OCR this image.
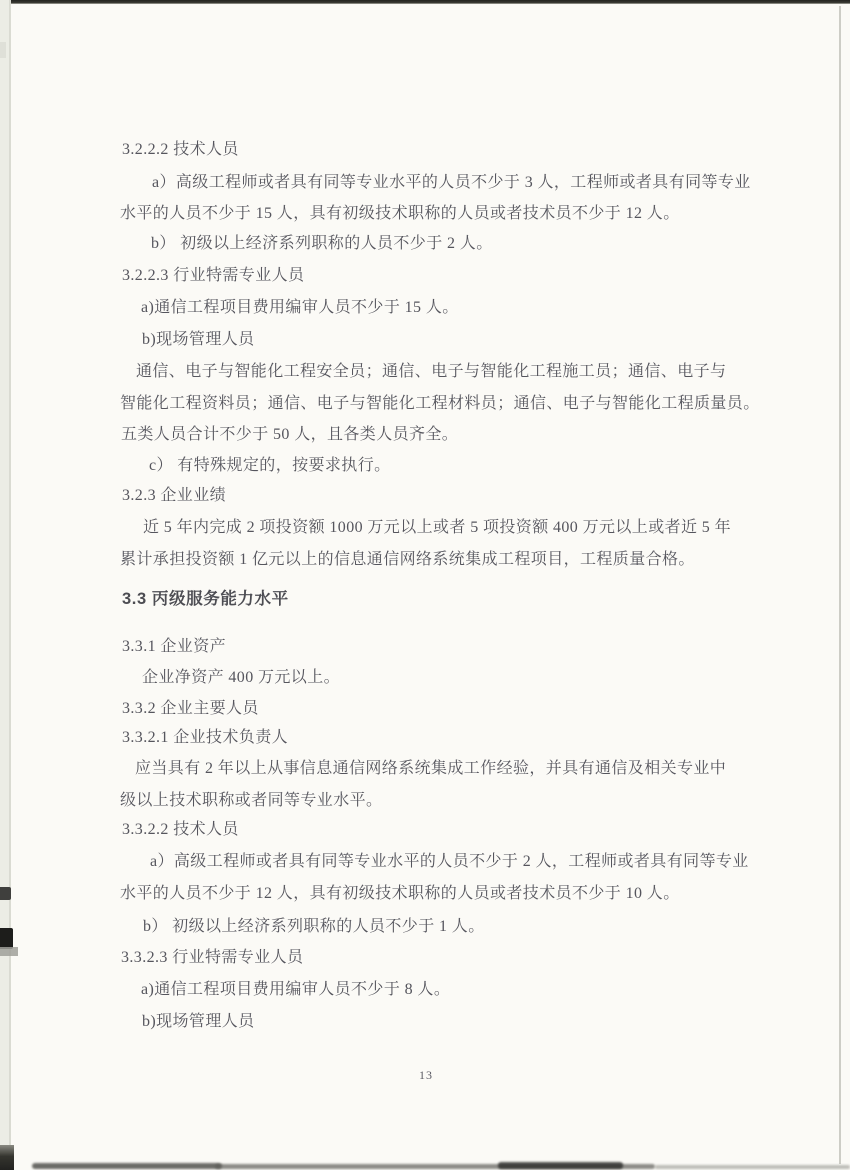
3.2.2.2 技术人员
a）高级工程师或者具有同等专业水平的人员不少于 3 人，工程师或者具有同等专业
水平的人员不少于 15 人，具有初级技术职称的人员或者技术员不少于 12 人。
b） 初级以上经济系列职称的人员不少于 2 人。
3.2.2.3 行业特需专业人员
a)通信工程项目费用编审人员不少于 15 人。
b)现场管理人员
通信、电子与智能化工程安全员；通信、电子与智能化工程施工员；通信、电子与
智能化工程资料员；通信、电子与智能化工程材料员；通信、电子与智能化工程质量员。
五类人员合计不少于 50 人，且各类人员齐全。
c） 有特殊规定的，按要求执行。
3.2.3 企业业绩
近 5 年内完成 2 项投资额 1000 万元以上或者 5 项投资额 400 万元以上或者近 5 年
累计承担投资额 1 亿元以上的信息通信网络系统集成工程项目，工程质量合格。
3.3 丙级服务能力水平
3.3.1 企业资产
企业净资产 400 万元以上。
3.3.2 企业主要人员
3.3.2.1 企业技术负责人
应当具有 2 年以上从事信息通信网络系统集成工作经验，并具有通信及相关专业中
级以上技术职称或者同等专业水平。
3.3.2.2 技术人员
a）高级工程师或者具有同等专业水平的人员不少于 2 人，工程师或者具有同等专业
水平的人员不少于 12 人，具有初级技术职称的人员或者技术员不少于 10 人。
b） 初级以上经济系列职称的人员不少于 1 人。
3.3.2.3 行业特需专业人员
a)通信工程项目费用编审人员不少于 8 人。
b)现场管理人员
13
